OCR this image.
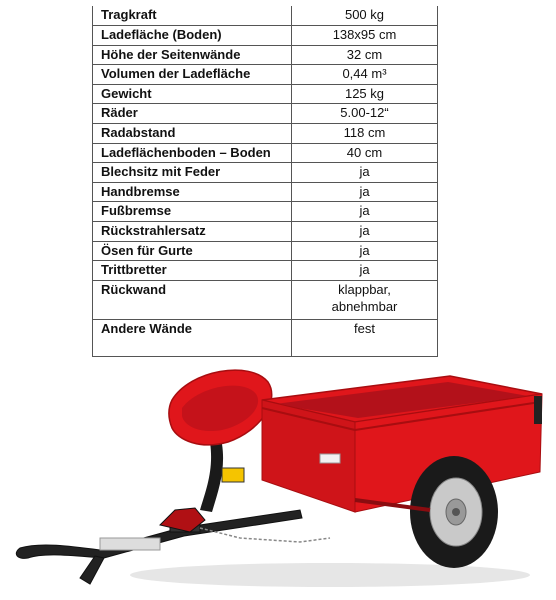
Tragkraft	500 kg
Ladefläche (Boden)	138x95 cm
Höhe der Seitenwände	32 cm
Volumen der Ladefläche	0,44 m³
Gewicht	125 kg
Räder	5.00-12“
Radabstand	118 cm
Ladeflächenboden – Boden	40 cm
Blechsitz mit Feder	ja
Handbremse	ja
Fußbremse	ja
Rückstrahlersatz	ja
Ösen für Gurte	ja
Trittbretter	ja
Rückwand	klappbar,
abnehmbar

Andere Wände	fest
